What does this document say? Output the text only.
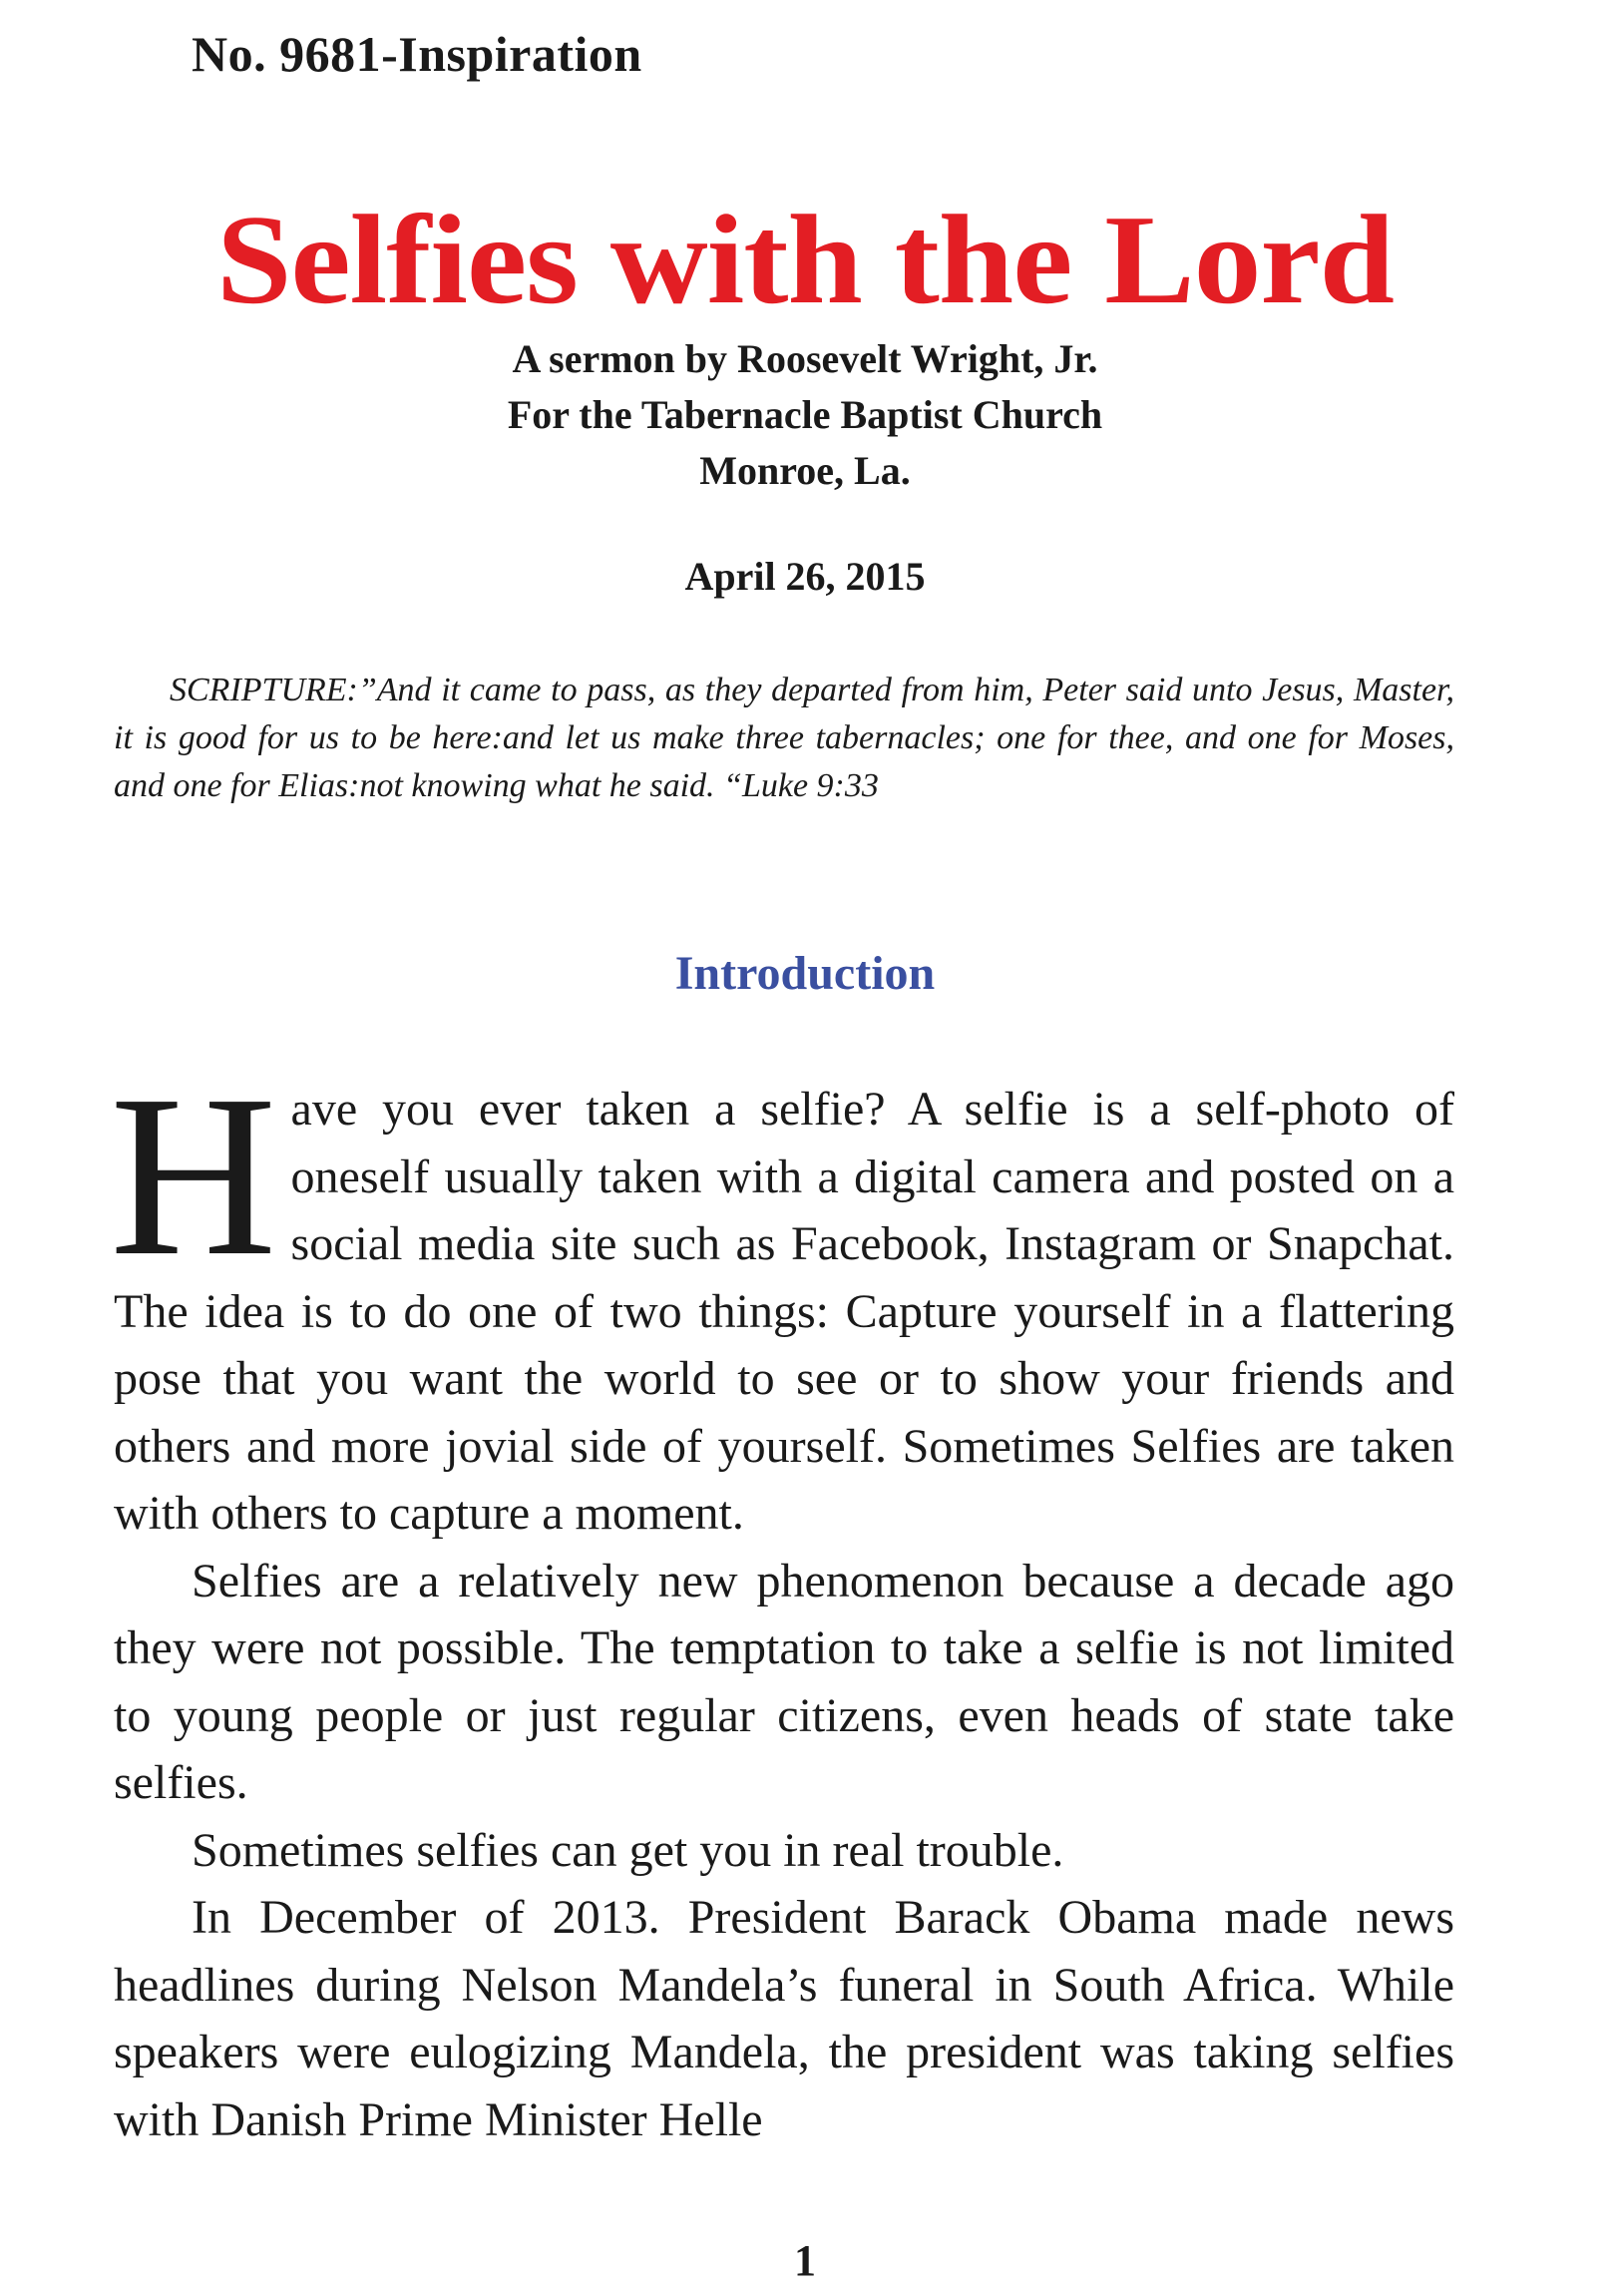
No. 9681-Inspiration
Selfies with the Lord
A sermon by Roosevelt Wright, Jr.
For the Tabernacle Baptist Church
Monroe, La.
April 26, 2015

SCRIPTURE:”And it came to pass, as they departed from him, Peter said unto Jesus, Master, it is good for us to be here:and let us make three tabernacles; one for thee, and one for Moses, and one for Elias:not knowing what he said. “Luke 9:33

Introduction
H ave you ever taken a selfie? A selfie is a self-photo of oneself usually taken with a digital camera and posted on a social media site such as Facebook, Instagram or Snapchat. The idea is to do one of two things: Capture yourself in a flattering pose that you want the world to see or to show your friends and others and more jovial side of yourself. Sometimes Selfies are taken with others to capture a moment.

Selfies are a relatively new phenomenon because a decade ago they were not possible. The temptation to take a selfie is not limited to young people or just regular citizens, even heads of state take selfies.

Sometimes selfies can get you in real trouble.

In December of 2013. President Barack Obama made news headlines during Nelson Mandela’s funeral in South Africa. While speakers were eulogizing Mandela, the president was taking selfies with Danish Prime Minister Helle

1
